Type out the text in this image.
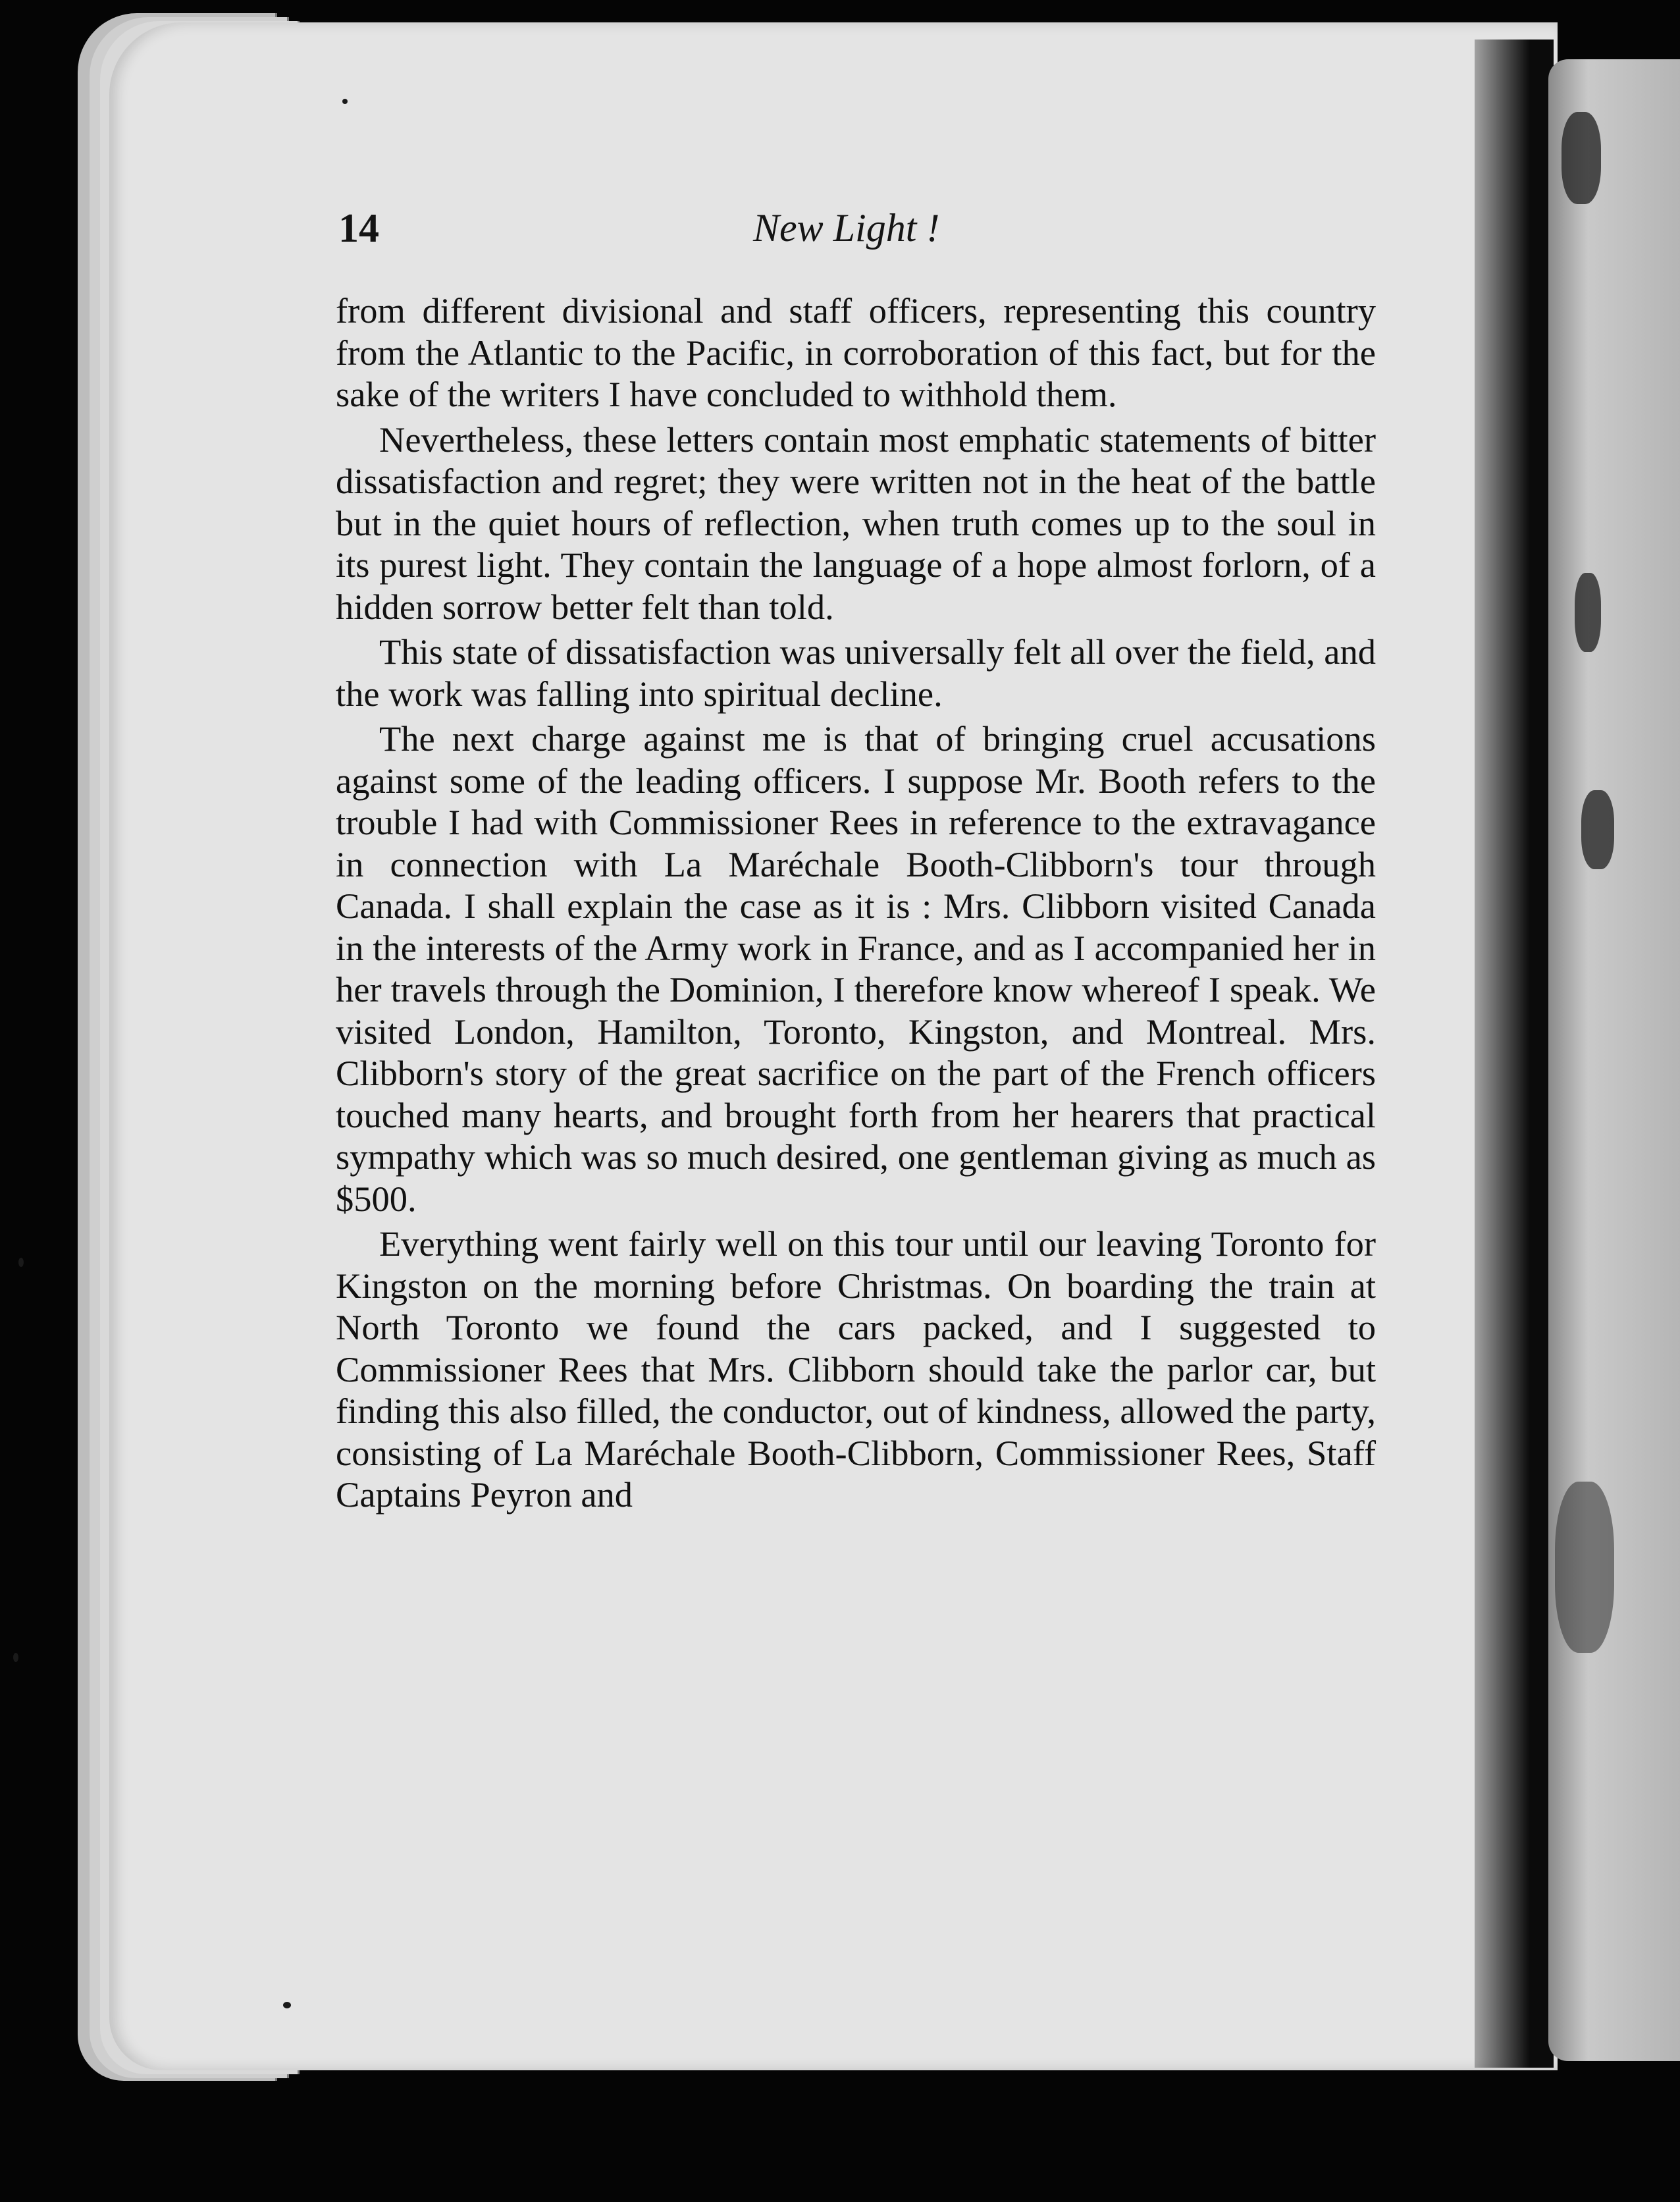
14	New Light !

from different divisional and staff officers, representing this country from the Atlantic to the Pacific, in corroboration of this fact, but for the sake of the writers I have concluded to withhold them.

Nevertheless, these letters contain most emphatic statements of bitter dissatisfaction and regret; they were written not in the heat of the battle but in the quiet hours of reflection, when truth comes up to the soul in its purest light. They contain the language of a hope almost forlorn, of a hidden sorrow better felt than told.

This state of dissatisfaction was universally felt all over the field, and the work was falling into spiritual decline.

The next charge against me is that of bringing cruel accusations against some of the leading officers. I suppose Mr. Booth refers to the trouble I had with Commissioner Rees in reference to the extravagance in connection with La Maréchale Booth-Clibborn's tour through Canada. I shall explain the case as it is : Mrs. Clibborn visited Canada in the interests of the Army work in France, and as I accompanied her in her travels through the Dominion, I therefore know whereof I speak. We visited London, Hamilton, Toronto, Kingston, and Montreal. Mrs. Clibborn's story of the great sacrifice on the part of the French officers touched many hearts, and brought forth from her hearers that practical sympathy which was so much desired, one gentleman giving as much as $500.

Everything went fairly well on this tour until our leaving Toronto for Kingston on the morning before Christmas. On boarding the train at North Toronto we found the cars packed, and I suggested to Commissioner Rees that Mrs. Clibborn should take the parlor car, but finding this also filled, the conductor, out of kindness, allowed the party, consisting of La Maréchale Booth-Clibborn, Commissioner Rees, Staff Captains Peyron and
